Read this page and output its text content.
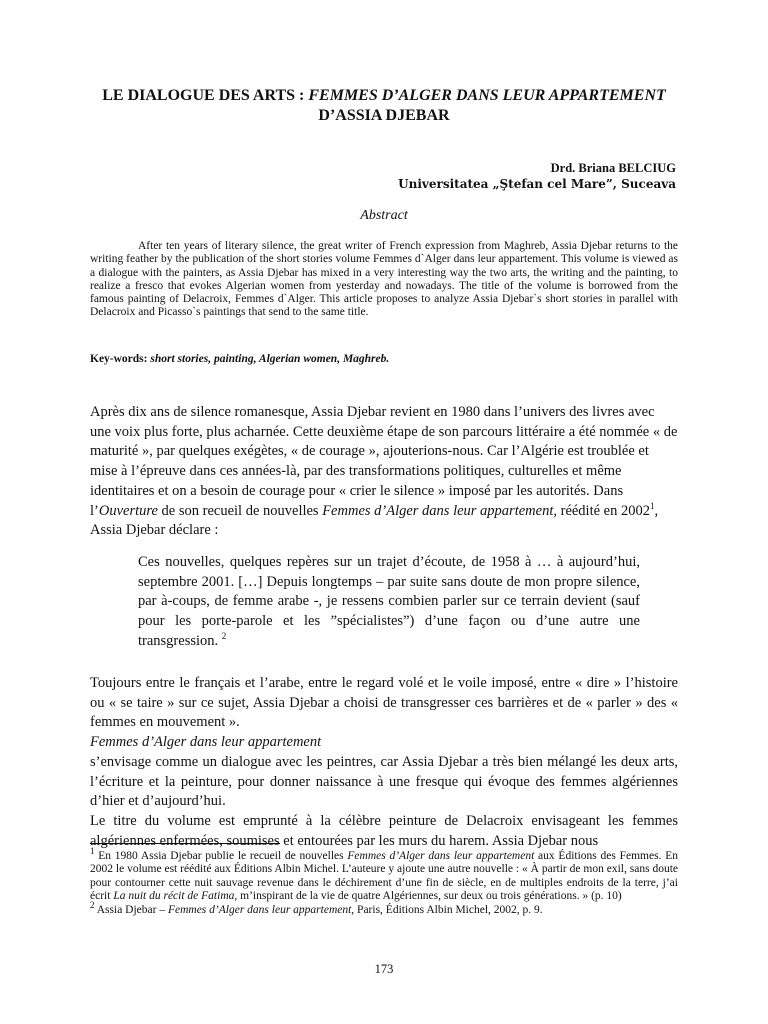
LE DIALOGUE DES ARTS : FEMMES D’ALGER DANS LEUR APPARTEMENT D’ASSIA DJEBAR
Drd. Briana BELCIUG
Universitatea „Ştefan cel Mare”, Suceava
Abstract

After ten years of literary silence, the great writer of French expression from Maghreb, Assia Djebar returns to the writing feather by the publication of the short stories volume Femmes d`Alger dans leur appartement. This volume is viewed as a dialogue with the painters, as Assia Djebar has mixed in a very interesting way the two arts, the writing and the painting, to realize a fresco that evokes Algerian women from yesterday and nowadays. The title of the volume is borrowed from the famous painting of Delacroix, Femmes d`Alger. This article proposes to analyze Assia Djebar`s short stories in parallel with Delacroix and Picasso`s paintings that send to the same title.

Key-words: short stories, painting, Algerian women, Maghreb.

Après dix ans de silence romanesque, Assia Djebar revient en 1980 dans l’univers des livres avec une voix plus forte, plus acharnée. Cette deuxième étape de son parcours littéraire a été nommée « de maturité », par quelques exégètes, « de courage », ajouterions-nous. Car l’Algérie est troublée et mise à l’épreuve dans ces années-là, par des transformations politiques, culturelles et même identitaires et on a besoin de courage pour « crier le silence » imposé par les autorités. Dans l’Ouverture de son recueil de nouvelles Femmes d’Alger dans leur appartement, réédité en 2002$^1$, Assia Djebar déclare :

Ces nouvelles, quelques repères sur un trajet d’écoute, de 1958 à … à aujourd’hui, septembre 2001. […] Depuis longtemps – par suite sans doute de mon propre silence, par à-coups, de femme arabe -, je ressens combien parler sur ce terrain devient (sauf pour les porte-parole et les ”spécialistes”) d’une façon ou d’une autre une transgression. $^2$

Toujours entre le français et l’arabe, entre le regard volé et le voile imposé, entre « dire » l’histoire ou « se taire » sur ce sujet, Assia Djebar a choisi de transgresser ces barrières et de « parler » des « femmes en mouvement ».
Femmes d’Alger dans leur appartement
s’envisage comme un dialogue avec les peintres, car Assia Djebar a très bien mélangé les deux arts, l’écriture et la peinture, pour donner naissance à une fresque qui évoque des femmes algériennes d’hier et d’aujourd’hui.
Le titre du volume est emprunté à la célèbre peinture de Delacroix envisageant les femmes algériennes enfermées, soumises et entourées par les murs du harem. Assia Djebar nous
$^1$ En 1980 Assia Djebar publie le recueil de nouvelles Femmes d’Alger dans leur appartement aux Éditions des Femmes. En 2002 le volume est réédité aux Éditions Albin Michel. L’auteure y ajoute une autre nouvelle : « À partir de mon exil, sans doute pour contourner cette nuit sauvage revenue dans le déchirement d’une fin de siècle, en de multiples endroits de la terre, j’ai écrit La nuit du récit de Fatima, m’inspirant de la vie de quatre Algériennes, sur deux ou trois générations. » (p. 10)
$^2$ Assia Djebar – Femmes d’Alger dans leur appartement, Paris, Éditions Albin Michel, 2002, p. 9.
173
